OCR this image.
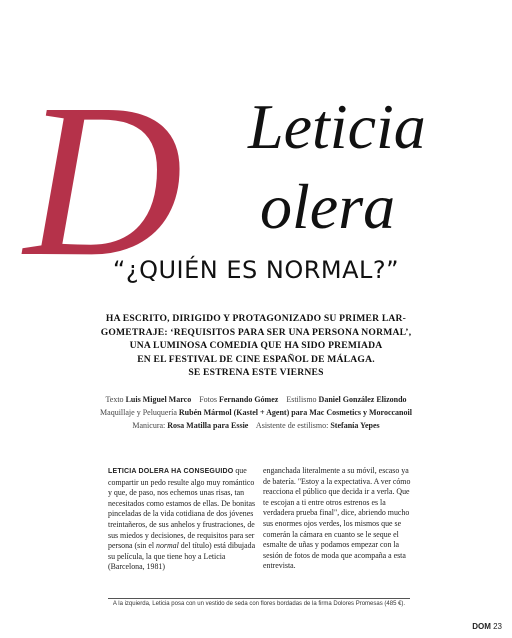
D	Leticia
olera
“¿QUIÉN ES NORMAL?”
HA ESCRITO, DIRIGIDO Y PROTAGONIZADO SU PRIMER LAR-
GOMETRAJE: ‘REQUISITOS PARA SER UNA PERSONA NORMAL’,
UNA LUMINOSA COMEDIA QUE HA SIDO PREMIADA
EN EL FESTIVAL DE CINE ESPAÑOL DE MÁLAGA.
SE ESTRENA ESTE VIERNES
Texto Luis Miguel Marco Fotos Fernando Gómez Estilismo Daniel González Elizondo
Maquillaje y Peluquería Rubén Mármol (Kastel + Agent) para Mac Cosmetics y Moroccanoil
Manicura: Rosa Matilla para Essie Asistente de estilismo: Stefanía Yepes
LETICIA DOLERA HA CONSEGUIDO que compartir un pedo resulte algo muy romántico y que, de paso, nos echemos unas risas, tan necesitados como estamos de ellas. De bonitas pinceladas de la vida cotidiana de dos jóvenes treintañeros, de sus anhelos y frustraciones, de sus miedos y decisiones, de requisitos para ser persona (sin el normal del título) está dibujada su película, la que tiene hoy a Leticia (Barcelona, 1981)
enganchada literalmente a su móvil, escaso ya de batería. "Estoy a la expectativa. A ver cómo reacciona el público que decida ir a verla. Que te escojan a ti entre otros estrenos es la verdadera prueba final", dice, abriendo mucho sus enormes ojos verdes, los mismos que se comerán la cámara en cuanto se le seque el esmalte de uñas y podamos empezar con la sesión de fotos de moda que acompaña a esta entrevista.
A la izquierda, Leticia posa con un vestido de seda con flores bordadas de la firma Dolores Promesas (485 €).
DOM 23
